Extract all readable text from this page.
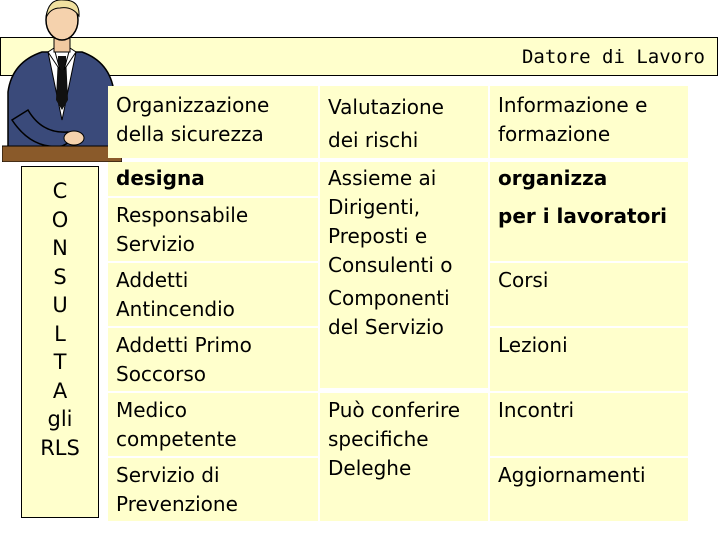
Datore di Lavoro
C
O
N
S
U
L
T
A
gli
RLS
Organizzazione
della sicurezza
Valutazione
dei rischi
Informazione e
formazione
designa
Responsabile
Servizio
Addetti
Antincendio
Addetti Primo
Soccorso
Medico
competente
Servizio di
Prevenzione
Assieme ai
Dirigenti,
Preposti e
Consulenti o
Componenti
del Servizio
Può conferire
specifiche
Deleghe
organizza
per i lavoratori
Corsi
Lezioni
Incontri
Aggiornamenti
